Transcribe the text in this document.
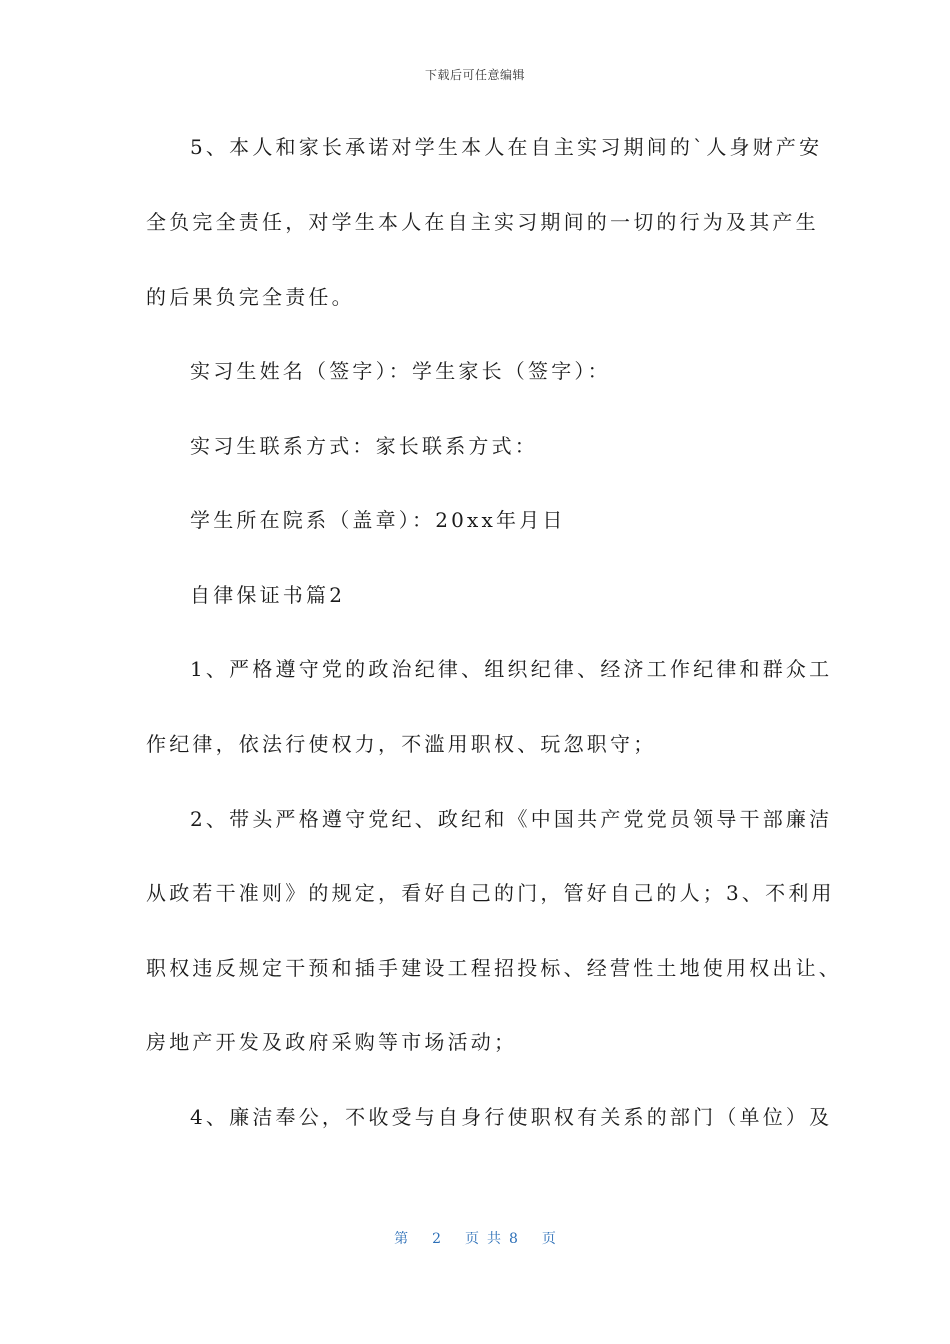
下载后可任意编辑
5、本人和家长承诺对学生本人在自主实习期间的`人身财产安
全负完全责任，对学生本人在自主实习期间的一切的行为及其产生
的后果负完全责任。
实习生姓名（签字）：学生家长（签字）：
实习生联系方式：家长联系方式：
学生所在院系（盖章）：20xx年月日
自律保证书篇2
1、严格遵守党的政治纪律、组织纪律、经济工作纪律和群众工
作纪律，依法行使权力，不滥用职权、玩忽职守；
2、带头严格遵守党纪、政纪和《中国共产党党员领导干部廉洁
从政若干准则》的规定，看好自己的门，管好自己的人；3、不利用
职权违反规定干预和插手建设工程招投标、经营性土地使用权出让、
房地产开发及政府采购等市场活动；
4、廉洁奉公，不收受与自身行使职权有关系的部门（单位）及
第 2 页共8 页
